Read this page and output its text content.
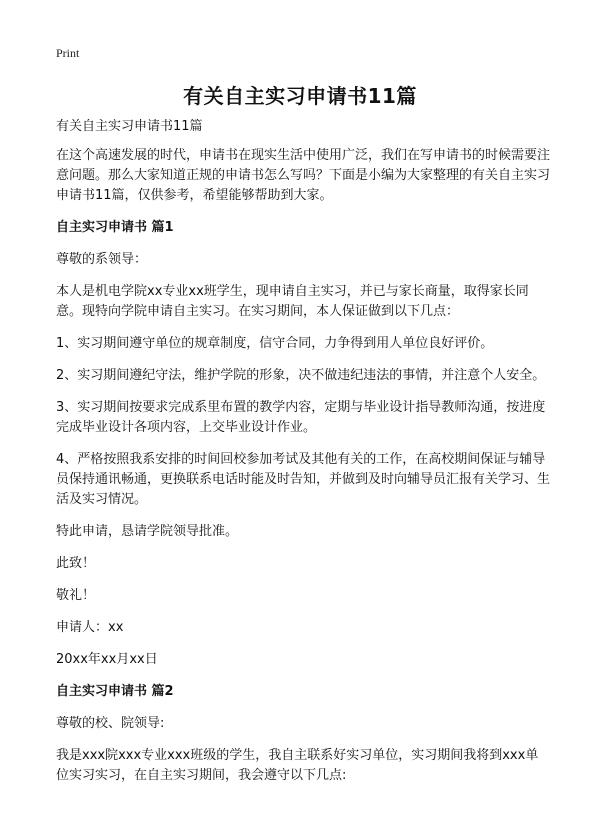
Print
有关自主实习申请书11篇

有关自主实习申请书11篇

在这个高速发展的时代，申请书在现实生活中使用广泛，我们在写申请书的时候需要注意问题。那么大家知道正规的申请书怎么写吗？下面是小编为大家整理的有关自主实习申请书11篇，仅供参考，希望能够帮助到大家。

自主实习申请书 篇1

尊敬的系领导：

本人是机电学院xx专业xx班学生，现申请自主实习，并已与家长商量，取得家长同意。现特向学院申请自主实习。在实习期间，本人保证做到以下几点：

1、实习期间遵守单位的规章制度，信守合同，力争得到用人单位良好评价。

2、实习期间遵纪守法，维护学院的形象，决不做违纪违法的事情，并注意个人安全。

3、实习期间按要求完成系里布置的教学内容，定期与毕业设计指导教师沟通，按进度完成毕业设计各项内容，上交毕业设计作业。

4、严格按照我系安排的时间回校参加考试及其他有关的工作，在高校期间保证与辅导员保持通讯畅通，更换联系电话时能及时告知，并做到及时向辅导员汇报有关学习、生活及实习情况。

特此申请，恳请学院领导批准。

此致！

敬礼！

申请人：xx

20xx年xx月xx日

自主实习申请书 篇2

尊敬的校、院领导:

我是xxx院xxx专业xxx班级的学生，我自主联系好实习单位，实习期间我将到xxx单位实习实习，在自主实习期间，我会遵守以下几点:
